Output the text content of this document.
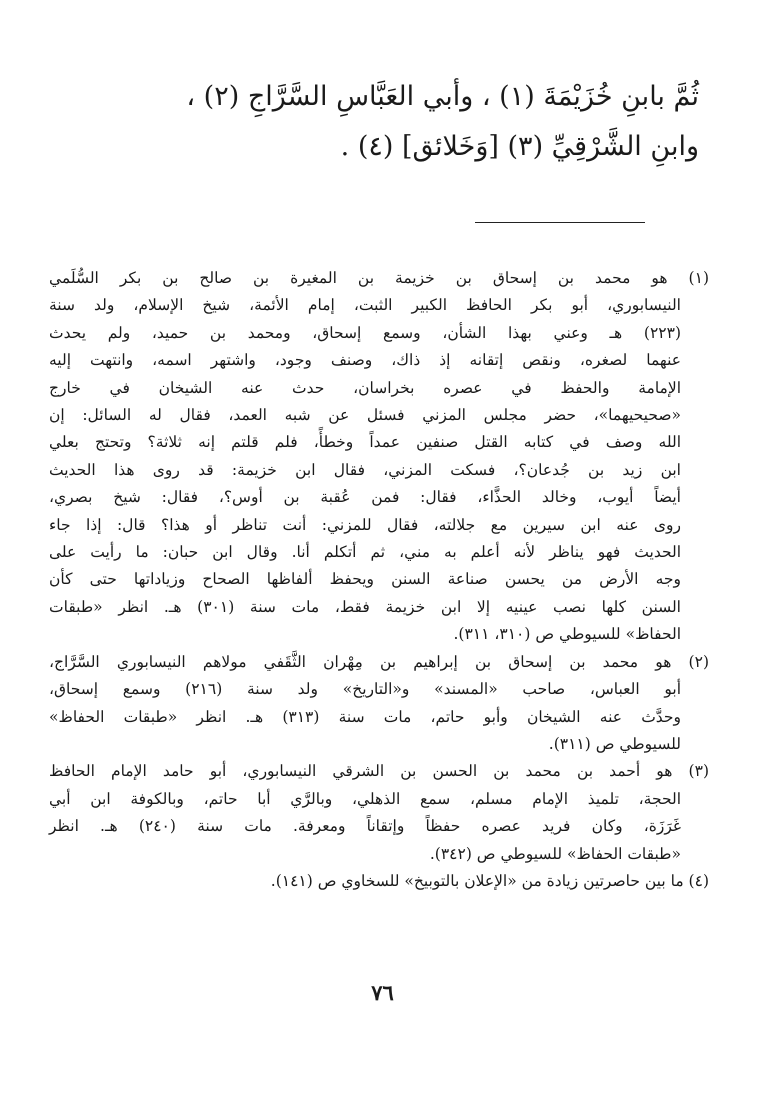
ثُمَّ بابنِ خُزَيْمَةَ (١) ، وأبي العَبَّاسِ السَّرَّاجِ (٢) ،
وابنِ الشَّرْقِيِّ (٣) [وَخَلائق] (٤) .
(١) هو محمد بن إسحاق بن خزيمة بن المغيرة بن صالح بن بكر السُّلَمي
النيسابوري، أبو بكر الحافظ الكبير الثبت، إمام الأئمة، شيخ الإسلام، ولد سنة
(٢٢٣) هـ وعني بهذا الشأن، وسمع إسحاق، ومحمد بن حميد، ولم يحدث
عنهما لصغره، ونقص إتقانه إذ ذاك، وصنف وجود، واشتهر اسمه، وانتهت إليه
الإمامة والحفظ في عصره بخراسان، حدث عنه الشيخان في خارج
«صحيحيهما»، حضر مجلس المزني فسئل عن شبه العمد، فقال له السائل: إن
الله وصف في كتابه القتل صنفين عمداً وخطأً، فلم قلتم إنه ثلاثة؟ وتحتج بعلي
ابن زيد بن جُدعان؟، فسكت المزني، فقال ابن خزيمة: قد روى هذا الحديث
أيضاً أيوب، وخالد الحذَّاء، فقال: فمن عُقبة بن أوس؟، فقال: شيخ بصري،
روى عنه ابن سيرين مع جلالته، فقال للمزني: أنت تناظر أو هذا؟ قال: إذا جاء
الحديث فهو يناظر لأنه أعلم به مني، ثم أتكلم أنا. وقال ابن حبان: ما رأيت على
وجه الأرض من يحسن صناعة السنن ويحفظ ألفاظها الصحاح وزياداتها حتى كأن
السنن كلها نصب عينيه إلا ابن خزيمة فقط، مات سنة (٣٠١) هـ. انظر «طبقات
الحفاظ» للسيوطي ص (٣١٠، ٣١١).
(٢) هو محمد بن إسحاق بن إبراهيم بن مِهْران الثَّقَفي مولاهم النيسابوري السَّرَّاج،
أبو العباس، صاحب «المسند» و«التاريخ» ولد سنة (٢١٦) وسمع إسحاق،
وحدَّث عنه الشيخان وأبو حاتم، مات سنة (٣١٣) هـ. انظر «طبقات الحفاظ»
للسيوطي ص (٣١١).
(٣) هو أحمد بن محمد بن الحسن بن الشرقي النيسابوري، أبو حامد الإمام الحافظ
الحجة، تلميذ الإمام مسلم، سمع الذهلي، وبالرَّي أبا حاتم، وبالكوفة ابن أبي
غَرَزَة، وكان فريد عصره حفظاً وإتقاناً ومعرفة. مات سنة (٢٤٠) هـ. انظر
«طبقات الحفاظ» للسيوطي ص (٣٤٢).
(٤) ما بين حاصرتين زيادة من «الإعلان بالتوبيخ» للسخاوي ص (١٤١).
٧٦
